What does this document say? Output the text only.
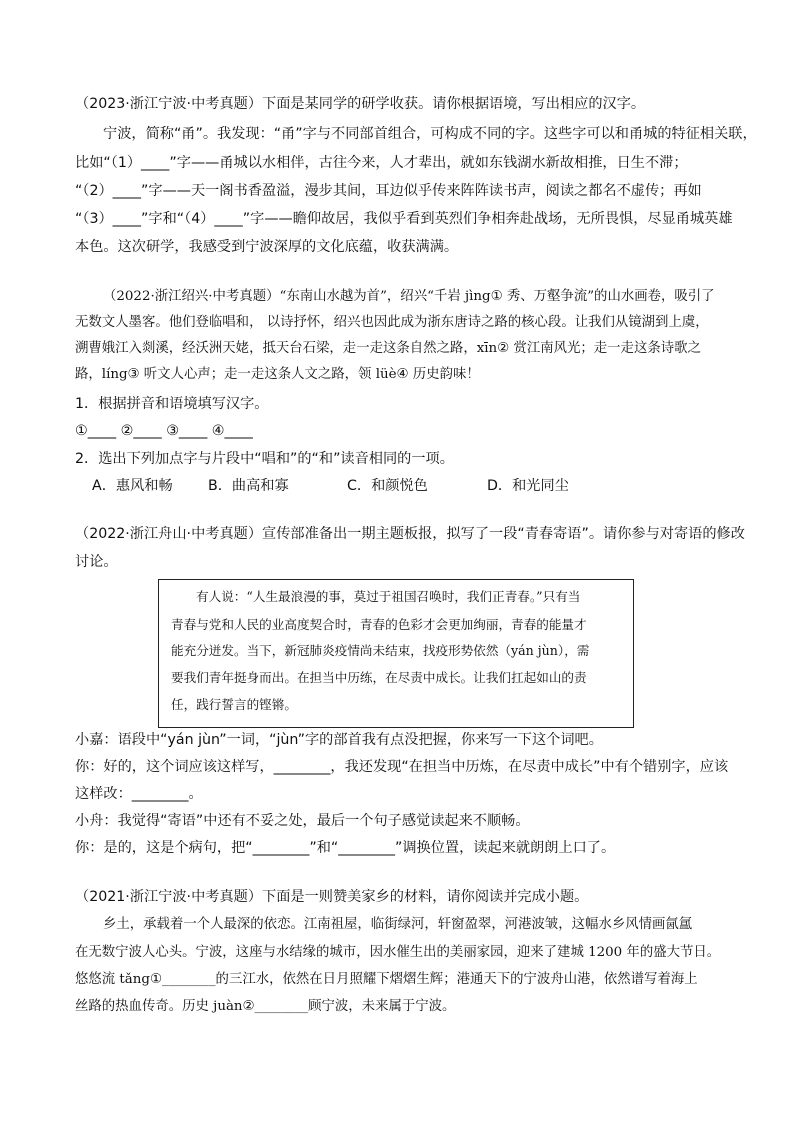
（2023·浙江宁波·中考真题）下面是某同学的研学收获。请你根据语境，写出相应的汉字。
宁波，简称“甬”。我发现：“甬”字与不同部首组合，可构成不同的字。这些字可以和甬城的特征相关联，
比如“（1）____”字——甬城以水相伴，古往今来，人才辈出，就如东钱湖水新故相推，日生不滞；
“（2）____”字——天一阁书香盈溢，漫步其间，耳边似乎传来阵阵读书声，阅读之都名不虚传；再如
“（3）____”字和“（4）____”字——瞻仰故居，我似乎看到英烈们争相奔赴战场，无所畏惧，尽显甬城英雄
本色。这次研学，我感受到宁波深厚的文化底蕴，收获满满。
（2022·浙江绍兴·中考真题）“东南山水越为首”，绍兴“千岩 jìng① 秀、万壑争流”的山水画卷，吸引了
无数文人墨客。他们登临唱和， 以诗抒怀，绍兴也因此成为浙东唐诗之路的核心段。让我们从镜湖到上虞，
溯曹娥江入剡溪，经沃洲天姥，抵天台石梁，走一走这条自然之路，xīn② 赏江南风光；走一走这条诗歌之
路，líng③ 听文人心声；走一走这条人文之路，领 lüè④ 历史韵味！
1．根据拼音和语境填写汉字。
①____ ②____ ③____ ④____
2．选出下列加点字与片段中“唱和”的“和”读音相同的一项。
A．惠风和畅 B．曲高和寡	C．和颜悦色	D．和光同尘
（2022·浙江舟山·中考真题）宣传部准备出一期主题板报，拟写了一段“青春寄语”。请你参与对寄语的修改
讨论。
有人说：“人生最浪漫的事，莫过于祖国召唤时，我们正青春。”只有当
青春与党和人民的业高度契合时，青春的色彩才会更加绚丽，青春的能量才
能充分迸发。当下，新冠肺炎疫情尚未结束，找疫形势依然（yán jùn），需
要我们青年挺身而出。在担当中历练，在尽责中成长。让我们扛起如山的责
任，践行誓言的铿锵。
小嘉：语段中“yán jùn”一词，“jùn”字的部首我有点没把握，你来写一下这个词吧。
你：好的，这个词应该这样写，________，我还发现“在担当中历炼，在尽责中成长”中有个错别字，应该
这样改：________。
小舟：我觉得“寄语”中还有不妥之处，最后一个句子感觉读起来不顺畅。
你：是的，这是个病句，把“________”和“________”调换位置，读起来就朗朗上口了。
（2021·浙江宁波·中考真题）下面是一则赞美家乡的材料，请你阅读并完成小题。
乡土，承载着一个人最深的依恋。江南祖屋，临街绿河，轩窗盈翠，河港波皱，这幅水乡风情画氤氲
在无数宁波人心头。宁波，这座与水结缘的城市，因水催生出的美丽家园，迎来了建城 1200 年的盛大节日。
悠悠流 tǎng①________的三江水，依然在日月照耀下熠熠生辉；港通天下的宁波舟山港，依然谱写着海上
丝路的热血传奇。历史 juàn②________顾宁波，未来属于宁波。
